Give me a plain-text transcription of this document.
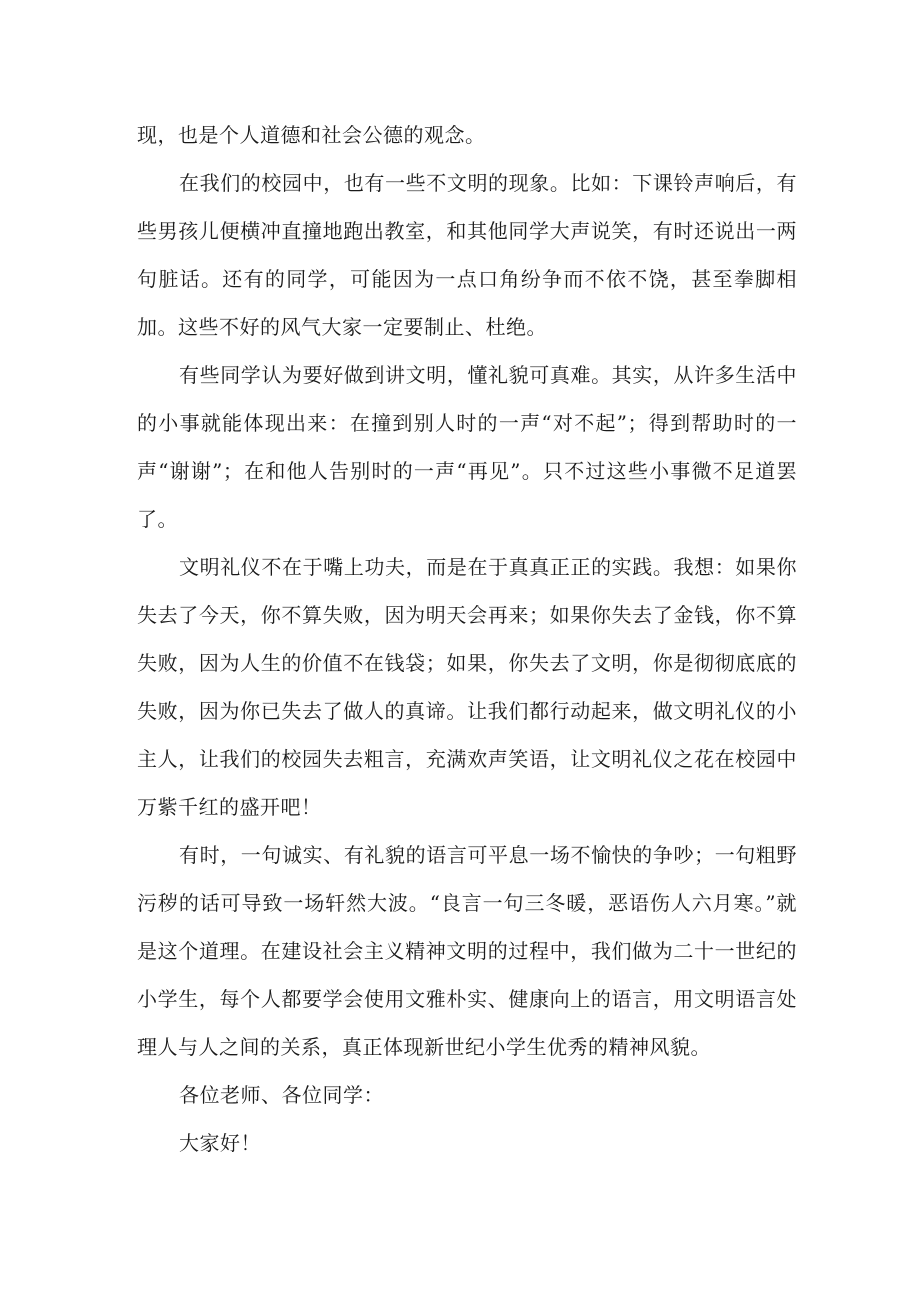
现，也是个人道德和社会公德的观念。

在我们的校园中，也有一些不文明的现象。比如：下课铃声响后，有些男孩儿便横冲直撞地跑出教室，和其他同学大声说笑，有时还说出一两句脏话。还有的同学，可能因为一点口角纷争而不依不饶，甚至拳脚相加。这些不好的风气大家一定要制止、杜绝。

有些同学认为要好做到讲文明，懂礼貌可真难。其实，从许多生活中的小事就能体现出来：在撞到别人时的一声“对不起”；得到帮助时的一声“谢谢”；在和他人告别时的一声“再见”。只不过这些小事微不足道罢了。

文明礼仪不在于嘴上功夫，而是在于真真正正的实践。我想：如果你失去了今天，你不算失败，因为明天会再来；如果你失去了金钱，你不算失败，因为人生的价值不在钱袋；如果，你失去了文明，你是彻彻底底的失败，因为你已失去了做人的真谛。让我们都行动起来，做文明礼仪的小主人，让我们的校园失去粗言，充满欢声笑语，让文明礼仪之花在校园中万紫千红的盛开吧！

有时，一句诚实、有礼貌的语言可平息一场不愉快的争吵；一句粗野污秽的话可导致一场轩然大波。“良言一句三冬暖，恶语伤人六月寒。”就是这个道理。在建设社会主义精神文明的过程中，我们做为二十一世纪的小学生，每个人都要学会使用文雅朴实、健康向上的语言，用文明语言处理人与人之间的关系，真正体现新世纪小学生优秀的精神风貌。

各位老师、各位同学：

大家好！
